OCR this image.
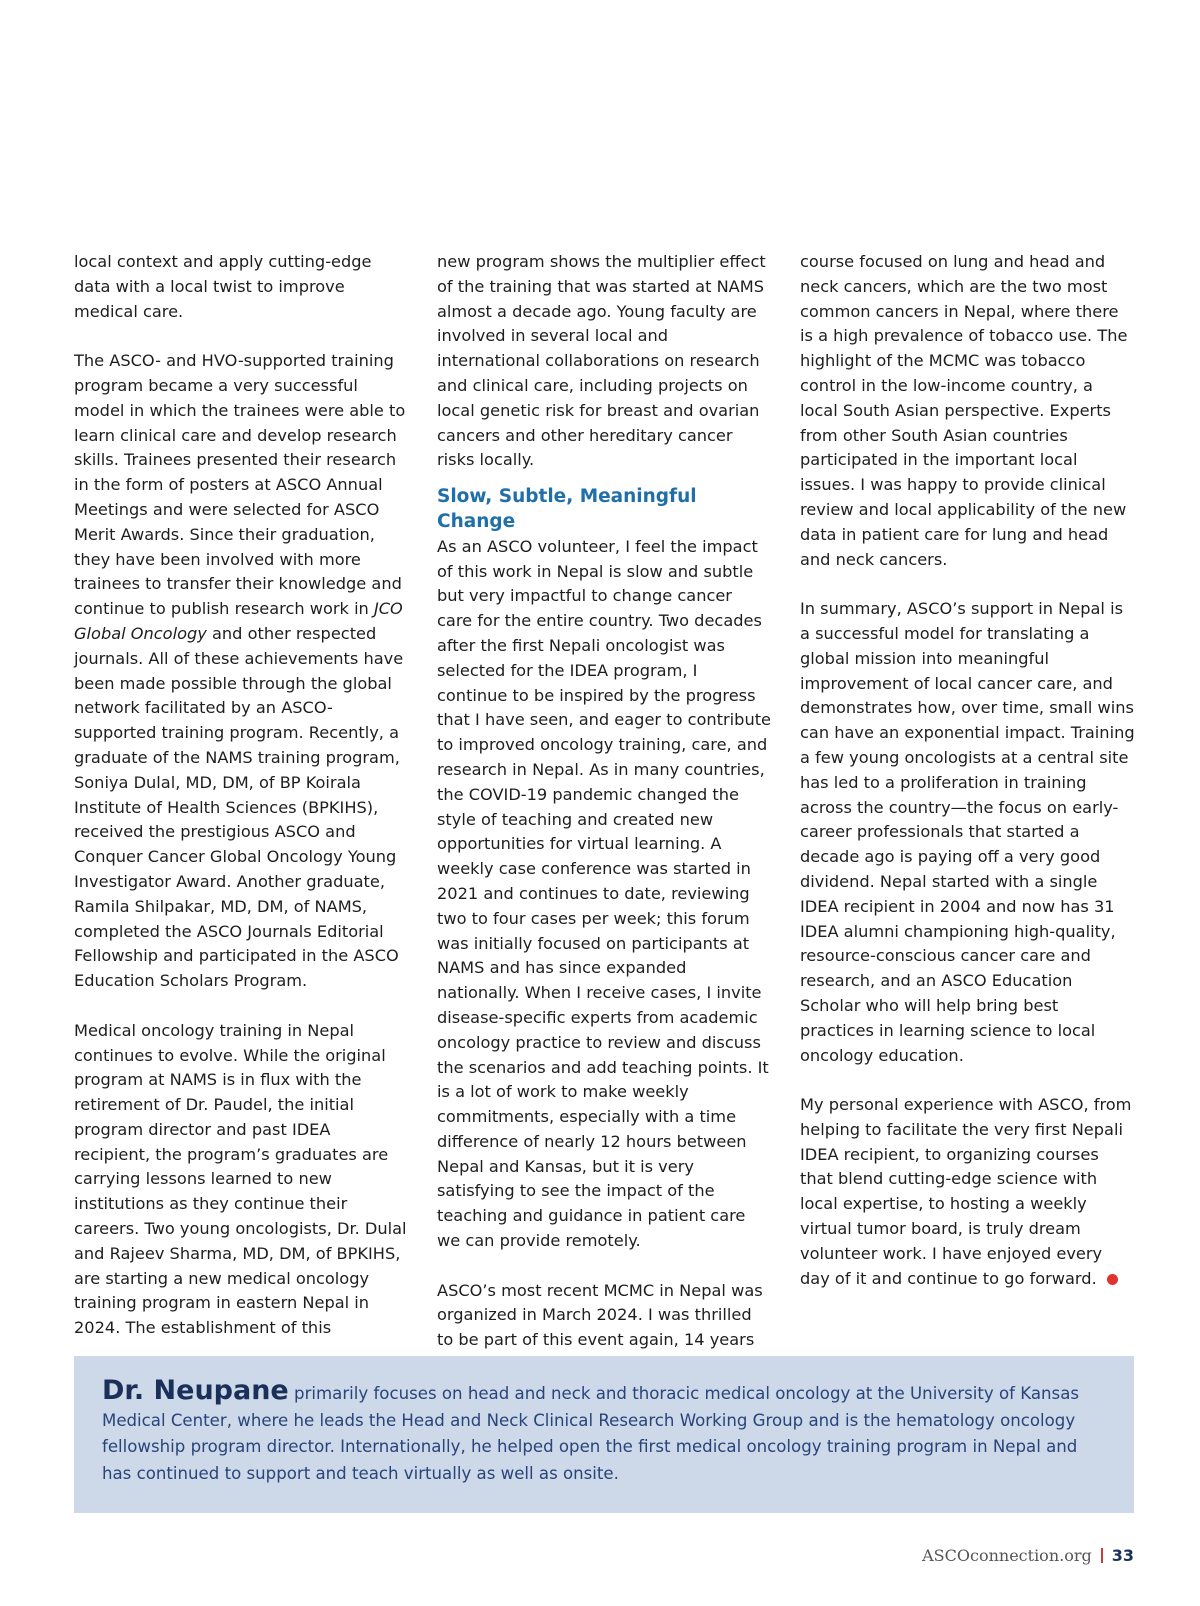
local context and apply cutting-edge data with a local twist to improve medical care.

The ASCO- and HVO-supported training program became a very successful model in which the trainees were able to learn clinical care and develop research skills. Trainees presented their research in the form of posters at ASCO Annual Meetings and were selected for ASCO Merit Awards. Since their graduation, they have been involved with more trainees to transfer their knowledge and continue to publish research work in JCO Global Oncology and other respected journals. All of these achievements have been made possible through the global network facilitated by an ASCO-supported training program. Recently, a graduate of the NAMS training program, Soniya Dulal, MD, DM, of BP Koirala Institute of Health Sciences (BPKIHS), received the prestigious ASCO and Conquer Cancer Global Oncology Young Investigator Award. Another graduate, Ramila Shilpakar, MD, DM, of NAMS, completed the ASCO Journals Editorial Fellowship and participated in the ASCO Education Scholars Program.

Medical oncology training in Nepal continues to evolve. While the original program at NAMS is in flux with the retirement of Dr. Paudel, the initial program director and past IDEA recipient, the program’s graduates are carrying lessons learned to new institutions as they continue their careers. Two young oncologists, Dr. Dulal and Rajeev Sharma, MD, DM, of BPKIHS, are starting a new medical oncology training program in eastern Nepal in 2024. The establishment of this

new program shows the multiplier effect of the training that was started at NAMS almost a decade ago. Young faculty are involved in several local and international collaborations on research and clinical care, including projects on local genetic risk for breast and ovarian cancers and other hereditary cancer risks locally.

Slow, Subtle, Meaningful Change

As an ASCO volunteer, I feel the impact of this work in Nepal is slow and subtle but very impactful to change cancer care for the entire country. Two decades after the first Nepali oncologist was selected for the IDEA program, I continue to be inspired by the progress that I have seen, and eager to contribute to improved oncology training, care, and research in Nepal. As in many countries, the COVID-19 pandemic changed the style of teaching and created new opportunities for virtual learning. A weekly case conference was started in 2021 and continues to date, reviewing two to four cases per week; this forum was initially focused on participants at NAMS and has since expanded nationally. When I receive cases, I invite disease-specific experts from academic oncology practice to review and discuss the scenarios and add teaching points. It is a lot of work to make weekly commitments, especially with a time difference of nearly 12 hours between Nepal and Kansas, but it is very satisfying to see the impact of the teaching and guidance in patient care we can provide remotely.

ASCO’s most recent MCMC in Nepal was organized in March 2024. I was thrilled to be part of this event again, 14 years

course focused on lung and head and neck cancers, which are the two most common cancers in Nepal, where there is a high prevalence of tobacco use. The highlight of the MCMC was tobacco control in the low-income country, a local South Asian perspective. Experts from other South Asian countries participated in the important local issues. I was happy to provide clinical review and local applicability of the new data in patient care for lung and head and neck cancers.

In summary, ASCO’s support in Nepal is a successful model for translating a global mission into meaningful improvement of local cancer care, and demonstrates how, over time, small wins can have an exponential impact. Training a few young oncologists at a central site has led to a proliferation in training across the country—the focus on early-career professionals that started a decade ago is paying off a very good dividend. Nepal started with a single IDEA recipient in 2004 and now has 31 IDEA alumni championing high-quality, resource-conscious cancer care and research, and an ASCO Education Scholar who will help bring best practices in learning science to local oncology education.

My personal experience with ASCO, from helping to facilitate the very first Nepali IDEA recipient, to organizing courses that blend cutting-edge science with local expertise, to hosting a weekly virtual tumor board, is truly dream volunteer work. I have enjoyed every day of it and continue to go forward.

Dr. Neupane primarily focuses on head and neck and thoracic medical oncology at the University of Kansas Medical Center, where he leads the Head and Neck Clinical Research Working Group and is the hematology oncology fellowship program director. Internationally, he helped open the first medical oncology training program in Nepal and has continued to support and teach virtually as well as onsite.
ASCOconnection.org 33
